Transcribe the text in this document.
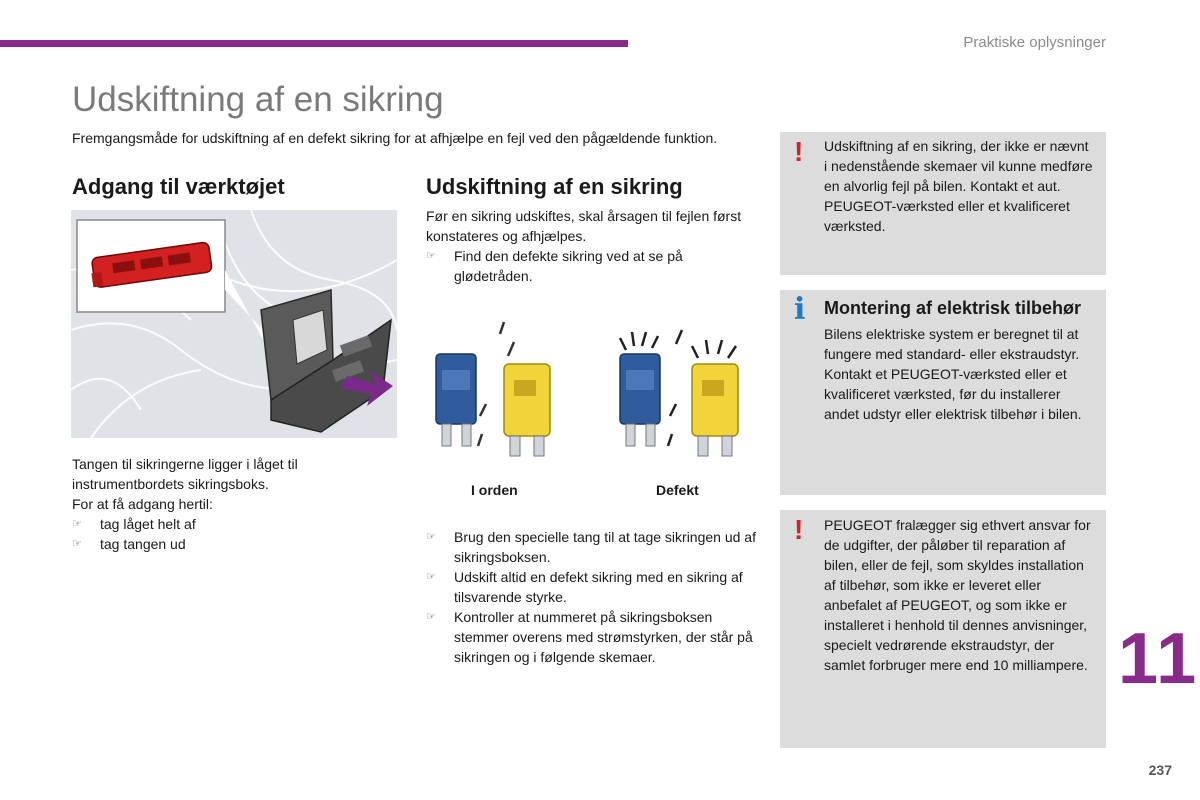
Praktiske oplysninger
Udskiftning af en sikring
Fremgangsmåde for udskiftning af en defekt sikring for at afhjælpe en fejl ved den pågældende funktion.
Adgang til værktøjet

Tangen til sikringerne ligger i låget til instrumentbordets sikringsboks.

For at få adgang hertil:

☞	tag låget helt af
☞	tag tangen ud
Udskiftning af en sikring

Før en sikring udskiftes, skal årsagen til fejlen først konstateres og afhjælpes.

☞	Find den defekte sikring ved at se på glødetråden.
I orden	Defekt
☞	Brug den specielle tang til at tage sikringen ud af sikringsboksen.
☞	Udskift altid en defekt sikring med en sikring af tilsvarende styrke.
☞	Kontroller at nummeret på sikringsboksen stemmer overens med strømstyrken, der står på sikringen og i følgende skemaer.
! Udskiftning af en sikring, der ikke er nævnt i nedenstående skemaer vil kunne medføre en alvorlig fejl på bilen. Kontakt et aut. PEUGEOT-værksted eller et kvalificeret værksted.
i Montering af elektrisk tilbehør

Bilens elektriske system er beregnet til at fungere med standard- eller ekstraudstyr.

Kontakt et PEUGEOT-værksted eller et kvalificeret værksted, før du installerer andet udstyr eller elektrisk tilbehør i bilen.

! PEUGEOT fralægger sig ethvert ansvar for de udgifter, der påløber til reparation af bilen, eller de fejl, som skyldes installation af tilbehør, som ikke er leveret eller anbefalet af PEUGEOT, og som ikke er installeret i henhold til dennes anvisninger, specielt vedrørende ekstraudstyr, der samlet forbruger mere end 10 milliampere. 11
237
